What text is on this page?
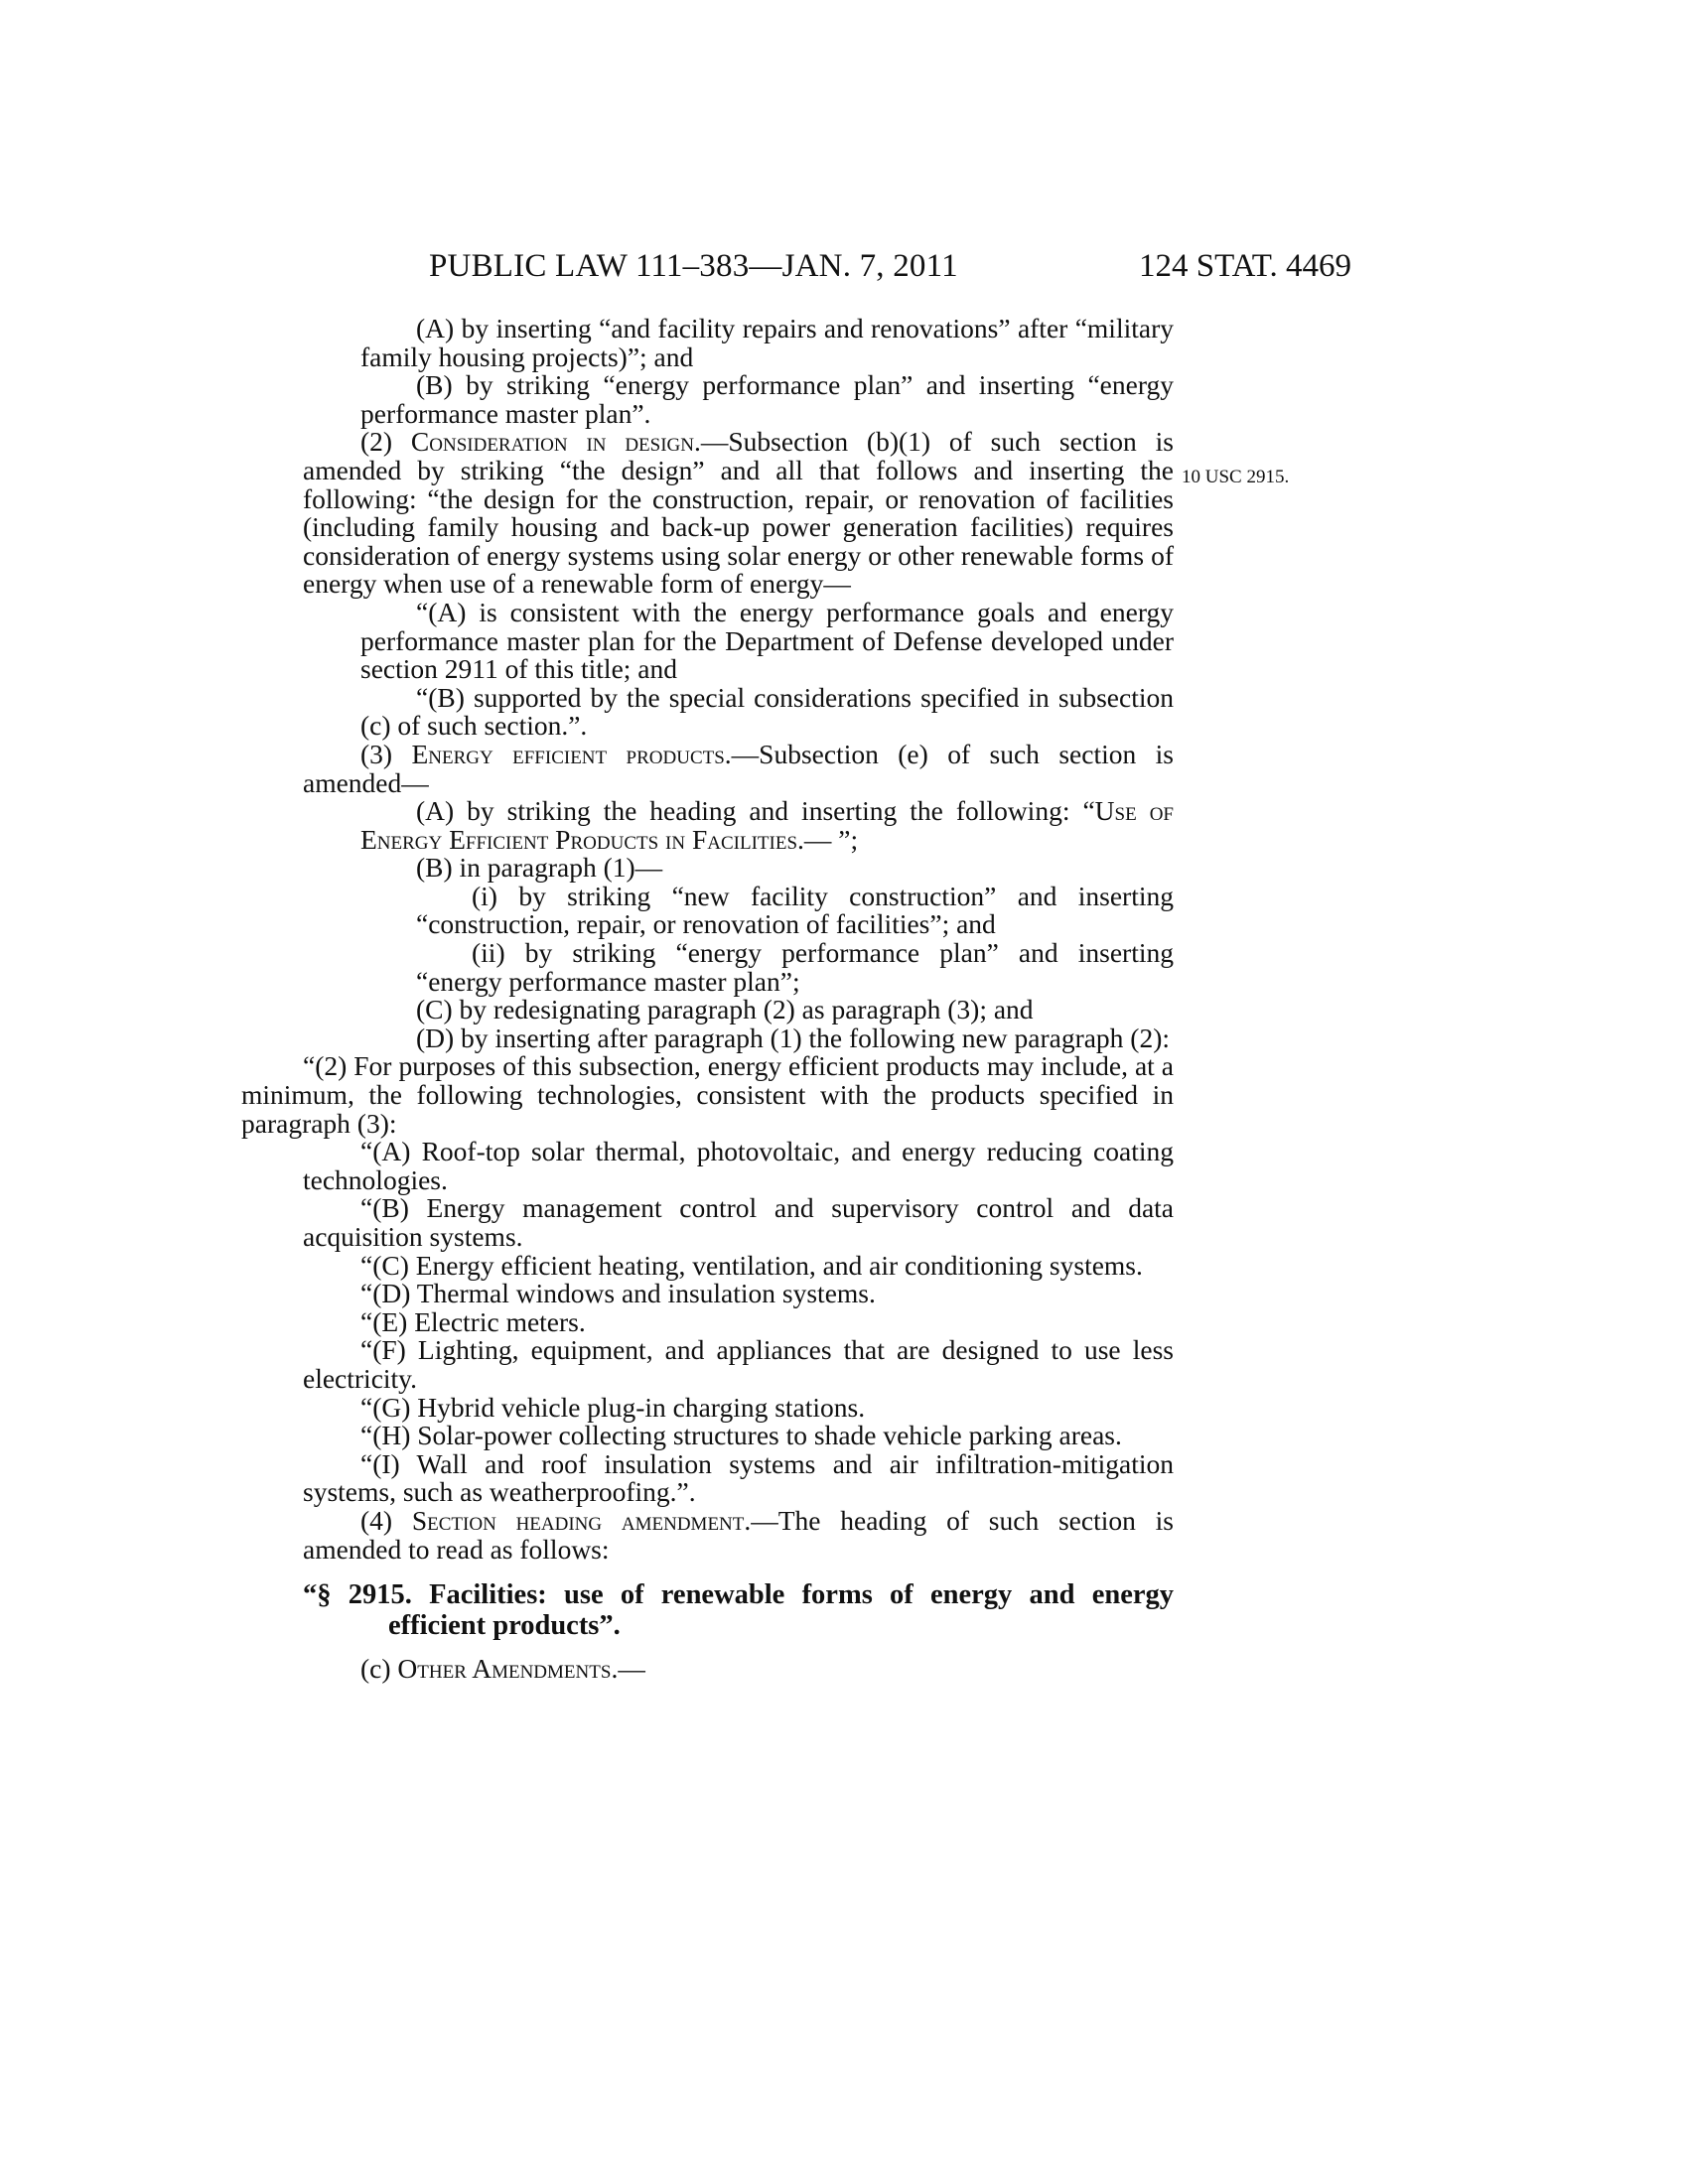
PUBLIC LAW 111–383—JAN. 7, 2011	124 STAT. 4469
10 USC 2915.

(A) by inserting “and facility repairs and renovations” after “military family housing projects)”; and

(B) by striking “energy performance plan” and inserting “energy performance master plan”.

(2) Consideration in design.—Subsection (b)(1) of such section is amended by striking “the design” and all that follows and inserting the following: “the design for the construction, repair, or renovation of facilities (including family housing and back-up power generation facilities) requires consideration of energy systems using solar energy or other renewable forms of energy when use of a renewable form of energy—

“(A) is consistent with the energy performance goals and energy performance master plan for the Department of Defense developed under section 2911 of this title; and

“(B) supported by the special considerations specified in subsection (c) of such section.”.

(3) Energy efficient products.—Subsection (e) of such section is amended—

(A) by striking the heading and inserting the following: “Use of Energy Efficient Products in Facilities.— ”;

(B) in paragraph (1)—

(i) by striking “new facility construction” and inserting “construction, repair, or renovation of facilities”; and

(ii) by striking “energy performance plan” and inserting “energy performance master plan”;

(C) by redesignating paragraph (2) as paragraph (3); and

(D) by inserting after paragraph (1) the following new paragraph (2):

“(2) For purposes of this subsection, energy efficient products may include, at a minimum, the following technologies, consistent with the products specified in paragraph (3):

“(A) Roof-top solar thermal, photovoltaic, and energy reducing coating technologies.

“(B) Energy management control and supervisory control and data acquisition systems.

“(C) Energy efficient heating, ventilation, and air conditioning systems.

“(D) Thermal windows and insulation systems.

“(E) Electric meters.

“(F) Lighting, equipment, and appliances that are designed to use less electricity.

“(G) Hybrid vehicle plug-in charging stations.

“(H) Solar-power collecting structures to shade vehicle parking areas.

“(I) Wall and roof insulation systems and air infiltration-mitigation systems, such as weatherproofing.”.

(4) Section heading amendment.—The heading of such section is amended to read as follows:

“§ 2915. Facilities: use of renewable forms of energy and energy efficient products”.

(c) Other Amendments.—
